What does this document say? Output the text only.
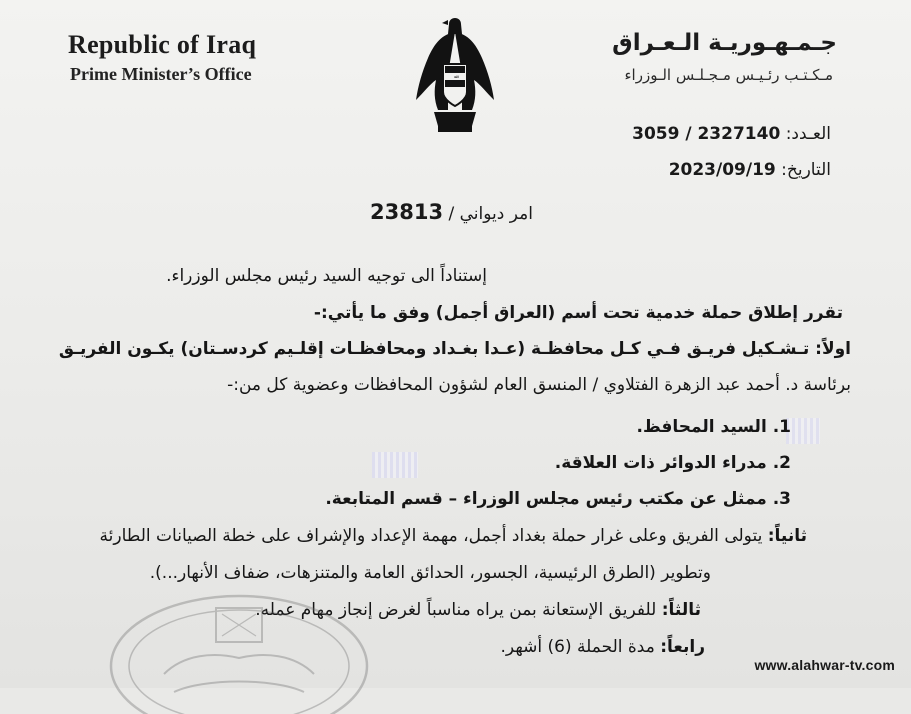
Republic of Iraq
Prime Minister’s Office	ﷲ
جـمـهـوريـة الـعـراق
مـكـتـب رئـيـس مـجـلـس الـوزراء
العـدد: 3059 / 2327140
التاريخ: 2023/09/19
امر ديواني / 23813
إستناداً الى توجيه السيد رئيس مجلس الوزراء.
تقرر إطلاق حملة خدمية تحت أسم (العراق أجمل) وفق ما يأتي:-
اولاً: تـشـكيل فريـق فـي كـل محافظـة (عـدا بغـداد ومحافظـات إقلـيم كردسـتان) يكـون الفريـق
برئاسة د. أحمد عبد الزهرة الفتلاوي / المنسق العام لشؤون المحافظات وعضوية كل من:-
1. السيد المحافظ.
2. مدراء الدوائر ذات العلاقة.
3. ممثل عن مكتب رئيس مجلس الوزراء – قسم المتابعة.
ثانياً: يتولى الفريق وعلى غرار حملة بغداد أجمل، مهمة الإعداد والإشراف على خطة الصيانات الطارئة
وتطوير (الطرق الرئيسية، الجسور، الحدائق العامة والمتنزهات، ضفاف الأنهار...).
ثالثاً: للفريق الإستعانة بمن يراه مناسباً لغرض إنجاز مهام عمله.
رابعاً: مدة الحملة (6) أشهر.
www.alahwar-tv.com
